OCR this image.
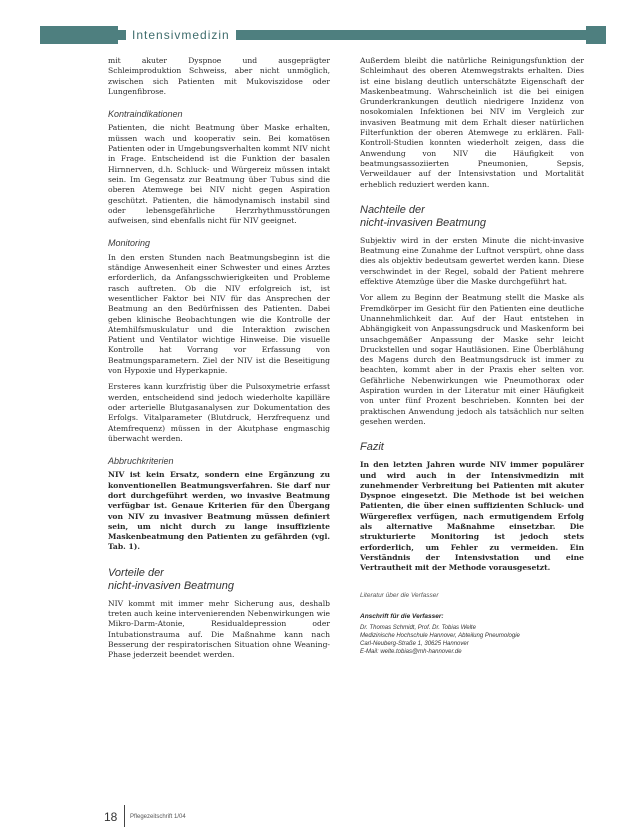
Intensivmedizin

mit akuter Dyspnoe und ausgeprägter Schleimproduktion Schweiss, aber nicht unmöglich, zwischen sich Patienten mit Mukoviszidose oder Lungenfibrose.

Kontraindikationen

Patienten, die nicht Beatmung über Maske erhalten, müssen wach und kooperativ sein. Bei komatösen Patienten oder in Umgebungsverhalten kommt NIV nicht in Frage. Entscheidend ist die Funktion der basalen Hirnnerven, d.h. Schluck- und Würgereiz müssen intakt sein. Im Gegensatz zur Beatmung über Tubus sind die oberen Atemwege bei NIV nicht gegen Aspiration geschützt. Patienten, die hämodynamisch instabil sind oder lebensgefährliche Herzrhythmusstörungen aufweisen, sind ebenfalls nicht für NIV geeignet.

Monitoring

In den ersten Stunden nach Beatmungsbeginn ist die ständige Anwesenheit einer Schwester und eines Arztes erforderlich, da Anfangsschwierigkeiten und Probleme rasch auftreten. Ob die NIV erfolgreich ist, ist wesentlicher Faktor bei NIV für das Ansprechen der Beatmung an den Bedürfnissen des Patienten. Dabei geben klinische Beobachtungen wie die Kontrolle der Atemhilfsmuskulatur und die Interaktion zwischen Patient und Ventilator wichtige Hinweise. Die visuelle Kontrolle hat Vorrang vor Erfassung von Beatmungsparametern. Ziel der NIV ist die Beseitigung von Hypoxie und Hyperkapnie.

Ersteres kann kurzfristig über die Pulsoxymetrie erfasst werden, entscheidend sind jedoch wiederholte kapilläre oder arterielle Blutgasanalysen zur Dokumentation des Erfolgs. Vitalparameter (Blutdruck, Herzfrequenz und Atemfrequenz) müssen in der Akutphase engmaschig überwacht werden.

Abbruchkriterien

NIV ist kein Ersatz, sondern eine Ergänzung zu konventionellen Beatmungsverfahren. Sie darf nur dort durchgeführt werden, wo invasive Beatmung verfügbar ist. Genaue Kriterien für den Übergang von NIV zu invasiver Beatmung müssen definiert sein, um nicht durch zu lange insuffiziente Maskenbeatmung den Patienten zu gefährden (vgl. Tab. 1).

Vorteile der
nicht-invasiven Beatmung

NIV kommt mit immer mehr Sicherung aus, deshalb treten auch keine intervenierenden Nebenwirkungen wie Mikro-Darm-Atonie, Residualdepression oder Intubationstrauma auf. Die Maßnahme kann nach Besserung der respiratorischen Situation ohne Weaning-Phase jederzeit beendet werden.

Außerdem bleibt die natürliche Reinigungsfunktion der Schleimhaut des oberen Atemwegstrakts erhalten. Dies ist eine bislang deutlich unterschätzte Eigenschaft der Maskenbeatmung. Wahrscheinlich ist die bei einigen Grunderkrankungen deutlich niedrigere Inzidenz von nosokomialen Infektionen bei NIV im Vergleich zur invasiven Beatmung mit dem Erhalt dieser natürlichen Filterfunktion der oberen Atemwege zu erklären. Fall-Kontroll-Studien konnten wiederholt zeigen, dass die Anwendung von NIV die Häufigkeit von beatmungsassoziierten Pneumonien, Sepsis, Verweildauer auf der Intensivstation und Mortalität erheblich reduziert werden kann.

Nachteile der
nicht-invasiven Beatmung

Subjektiv wird in der ersten Minute die nicht-invasive Beatmung eine Zunahme der Luftnot verspürt, ohne dass dies als objektiv bedeutsam gewertet werden kann. Diese verschwindet in der Regel, sobald der Patient mehrere effektive Atemzüge über die Maske durchgeführt hat.

Vor allem zu Beginn der Beatmung stellt die Maske als Fremdkörper im Gesicht für den Patienten eine deutliche Unannehmlichkeit dar. Auf der Haut entstehen in Abhängigkeit von Anpassungsdruck und Maskenform bei unsachgemäßer Anpassung der Maske sehr leicht Druckstellen und sogar Hautläsionen. Eine Überblähung des Magens durch den Beatmungsdruck ist immer zu beachten, kommt aber in der Praxis eher selten vor. Gefährliche Nebenwirkungen wie Pneumothorax oder Aspiration wurden in der Literatur mit einer Häufigkeit von unter fünf Prozent beschrieben. Konnten bei der praktischen Anwendung jedoch als tatsächlich nur selten gesehen werden.

Fazit

In den letzten Jahren wurde NIV immer populärer und wird auch in der Intensivmedizin mit zunehmender Verbreitung bei Patienten mit akuter Dyspnoe eingesetzt. Die Methode ist bei weichen Patienten, die über einen suffizienten Schluck- und Würgereflex verfügen, nach ermutigendem Erfolg als alternative Maßnahme einsetzbar. Die strukturierte Monitoring ist jedoch stets erforderlich, um Fehler zu vermeiden. Ein Verständnis der Intensivstation und eine Vertrautheit mit der Methode vorausgesetzt.

Literatur über die Verfasser
Anschrift für die Verfasser:
Dr. Thomas Schmidt, Prof. Dr. Tobias Welte
Medizinische Hochschule Hannover, Abteilung Pneumologie
Carl-Neuberg-Straße 1, 30625 Hannover
E-Mail: welte.tobias@mh-hannover.de
18 Pflegezeitschrift 1/04
